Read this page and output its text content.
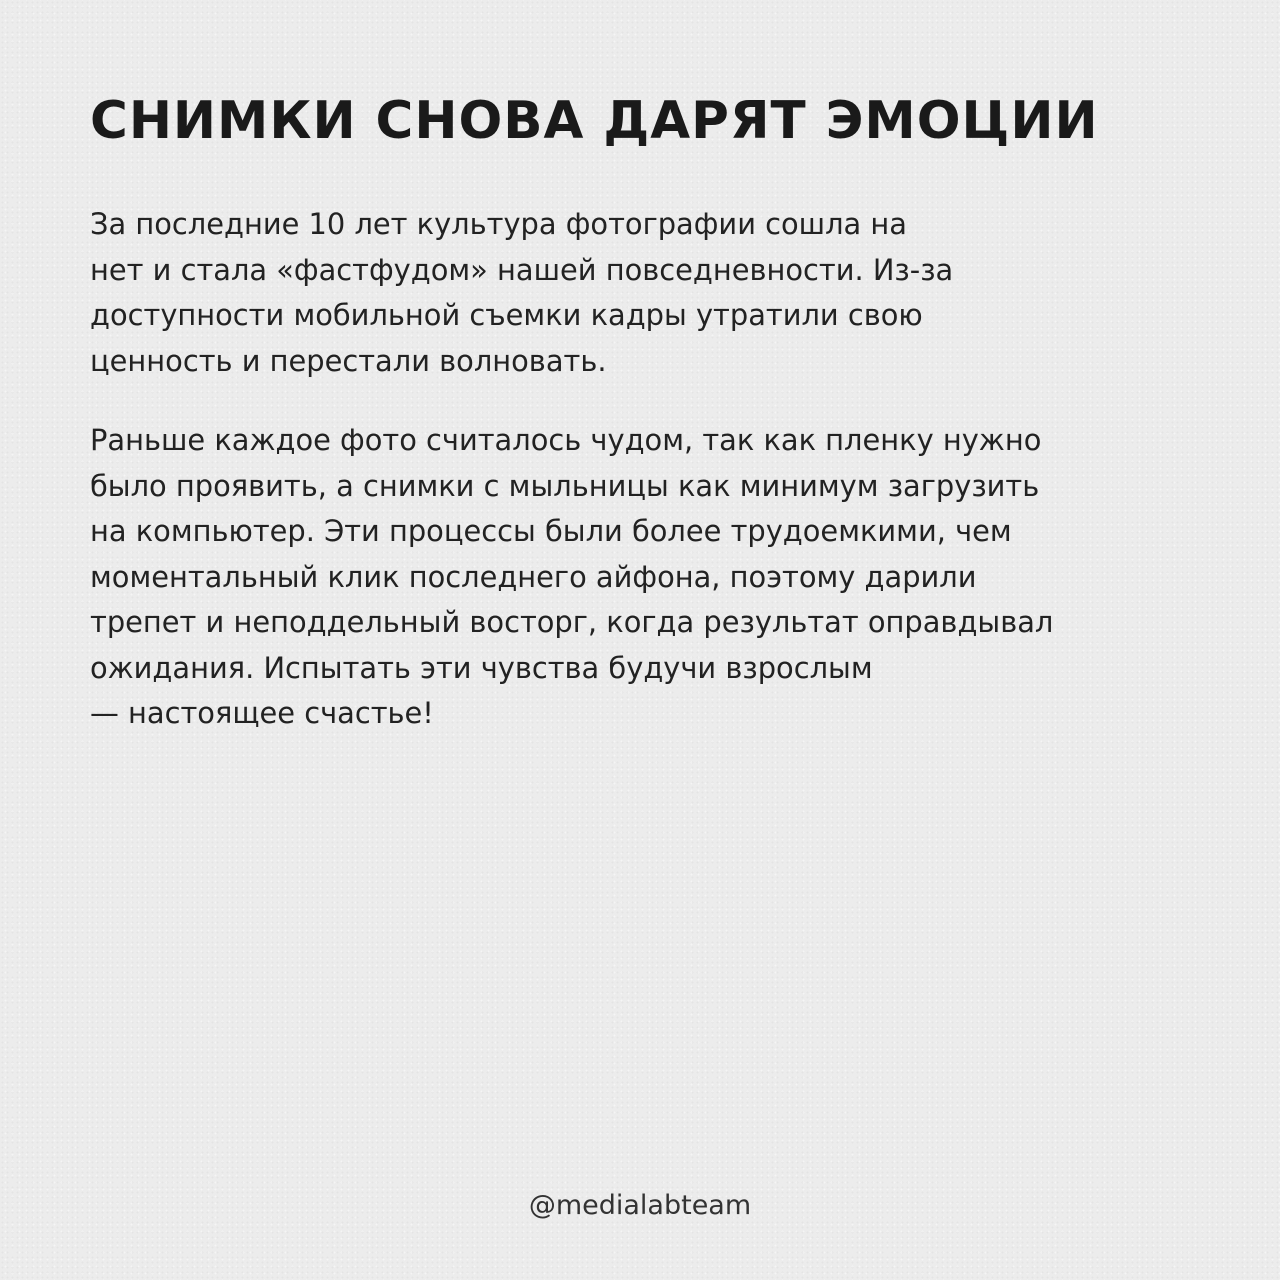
СНИМКИ СНОВА ДАРЯТ ЭМОЦИИ

За последние 10 лет культура фотографии сошла на
нет и стала «фастфудом» нашей повседневности. Из-за
доступности мобильной съемки кадры утратили свою
ценность и перестали волновать.

Раньше каждое фото считалось чудом, так как пленку нужно
было проявить, а снимки с мыльницы как минимум загрузить
на компьютер. Эти процессы были более трудоемкими, чем
моментальный клик последнего айфона, поэтому дарили
трепет и неподдельный восторг, когда результат оправдывал
ожидания. Испытать эти чувства будучи взрослым
— настоящее счастье!

@medialabteam
